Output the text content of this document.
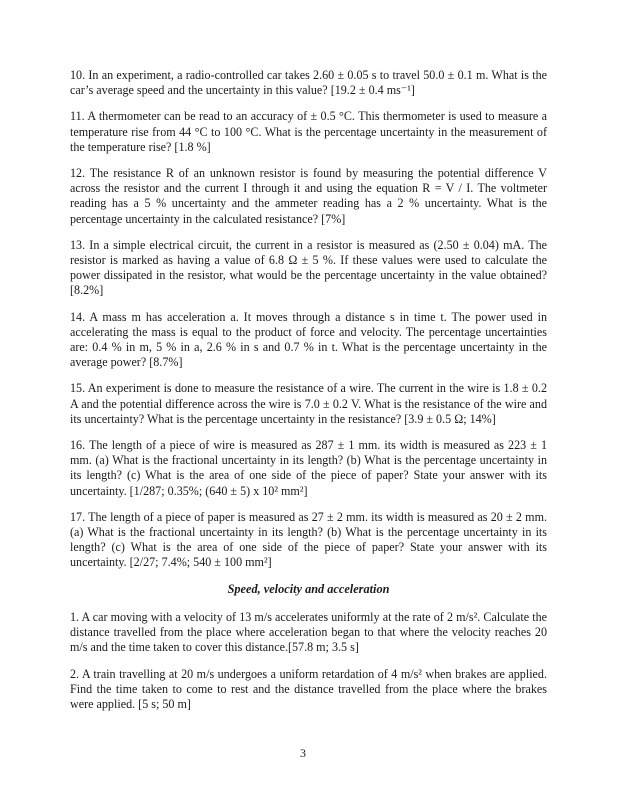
10. In an experiment, a radio-controlled car takes 2.60 ± 0.05 s to travel 50.0 ± 0.1 m. What is the car’s average speed and the uncertainty in this value? [19.2 ± 0.4 ms⁻¹]

11. A thermometer can be read to an accuracy of ± 0.5 °C. This thermometer is used to measure a temperature rise from 44 °C to 100 °C. What is the percentage uncertainty in the measurement of the temperature rise? [1.8 %]

12. The resistance R of an unknown resistor is found by measuring the potential difference V across the resistor and the current I through it and using the equation R = V / I. The voltmeter reading has a 5 % uncertainty and the ammeter reading has a 2 % uncertainty. What is the percentage uncertainty in the calculated resistance? [7%]

13. In a simple electrical circuit, the current in a resistor is measured as (2.50 ± 0.04) mA. The resistor is marked as having a value of 6.8 Ω ± 5 %. If these values were used to calculate the power dissipated in the resistor, what would be the percentage uncertainty in the value obtained? [8.2%]

14. A mass m has acceleration a. It moves through a distance s in time t. The power used in accelerating the mass is equal to the product of force and velocity. The percentage uncertainties are: 0.4 % in m, 5 % in a, 2.6 % in s and 0.7 % in t. What is the percentage uncertainty in the average power? [8.7%]

15. An experiment is done to measure the resistance of a wire. The current in the wire is 1.8 ± 0.2 A and the potential difference across the wire is 7.0 ± 0.2 V. What is the resistance of the wire and its uncertainty? What is the percentage uncertainty in the resistance? [3.9 ± 0.5 Ω; 14%]

16. The length of a piece of wire is measured as 287 ± 1 mm. its width is measured as 223 ± 1 mm. (a) What is the fractional uncertainty in its length? (b) What is the percentage uncertainty in its length? (c) What is the area of one side of the piece of paper? State your answer with its uncertainty. [1/287; 0.35%; (640 ± 5) x 10² mm²]

17. The length of a piece of paper is measured as 27 ± 2 mm. its width is measured as 20 ± 2 mm. (a) What is the fractional uncertainty in its length? (b) What is the percentage uncertainty in its length? (c) What is the area of one side of the piece of paper? State your answer with its uncertainty. [2/27; 7.4%; 540 ± 100 mm²]

Speed, velocity and acceleration

1. A car moving with a velocity of 13 m/s accelerates uniformly at the rate of 2 m/s². Calculate the distance travelled from the place where acceleration began to that where the velocity reaches 20 m/s and the time taken to cover this distance.[57.8 m; 3.5 s]

2. A train travelling at 20 m/s undergoes a uniform retardation of 4 m/s² when brakes are applied. Find the time taken to come to rest and the distance travelled from the place where the brakes were applied. [5 s; 50 m]

3
